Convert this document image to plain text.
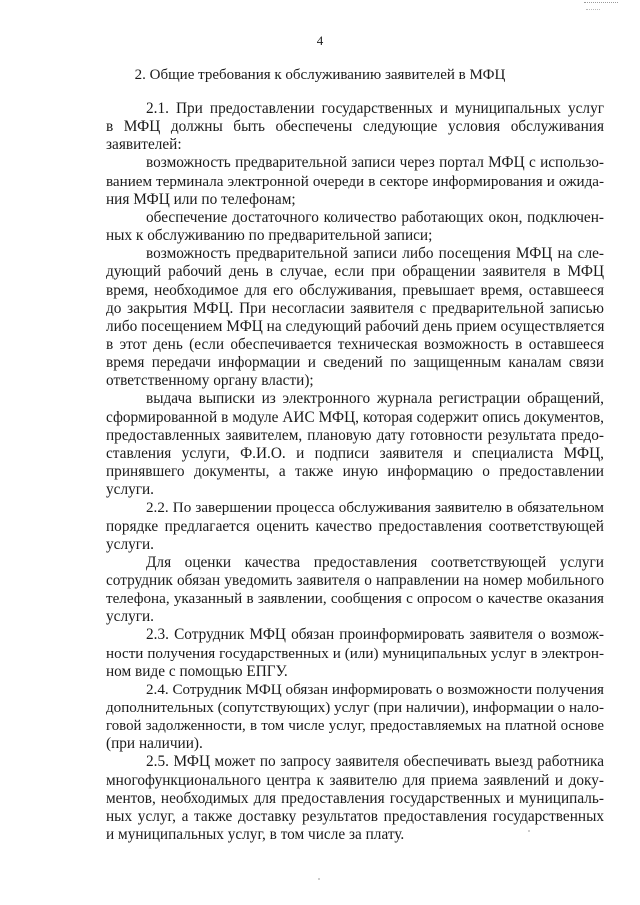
4
2. Общие требования к обслуживанию заявителей в МФЦ
2.1. При предоставлении государственных и муниципальных услуг
в МФЦ должны быть обеспечены следующие условия обслуживания
заявителей:
возможность предварительной записи через портал МФЦ с использо-
ванием терминала электронной очереди в секторе информирования и ожида-
ния МФЦ или по телефонам;
обеспечение достаточного количество работающих окон, подключен-
ных к обслуживанию по предварительной записи;
возможность предварительной записи либо посещения МФЦ на сле-
дующий рабочий день в случае, если при обращении заявителя в МФЦ
время, необходимое для его обслуживания, превышает время, оставшееся
до закрытия МФЦ. При несогласии заявителя с предварительной записью
либо посещением МФЦ на следующий рабочий день прием осуществляется
в этот день (если обеспечивается техническая возможность в оставшееся
время передачи информации и сведений по защищенным каналам связи
ответственному органу власти);
выдача выписки из электронного журнала регистрации обращений,
сформированной в модуле АИС МФЦ, которая содержит опись документов,
предоставленных заявителем, плановую дату готовности результата предо-
ставления услуги, Ф.И.О. и подписи заявителя и специалиста МФЦ,
принявшего документы, а также иную информацию о предоставлении
услуги.
2.2. По завершении процесса обслуживания заявителю в обязательном
порядке предлагается оценить качество предоставления соответствующей
услуги.
Для оценки качества предоставления соответствующей услуги
сотрудник обязан уведомить заявителя о направлении на номер мобильного
телефона, указанный в заявлении, сообщения с опросом о качестве оказания
услуги.
2.3. Сотрудник МФЦ обязан проинформировать заявителя о возмож-
ности получения государственных и (или) муниципальных услуг в электрон-
ном виде с помощью ЕПГУ.
2.4. Сотрудник МФЦ обязан информировать о возможности получения
дополнительных (сопутствующих) услуг (при наличии), информации о нало-
говой задолженности, в том числе услуг, предоставляемых на платной основе
(при наличии).
2.5. МФЦ может по запросу заявителя обеспечивать выезд работника
многофункционального центра к заявителю для приема заявлений и доку-
ментов, необходимых для предоставления государственных и муниципаль-
ных услуг, а также доставку результатов предоставления государственных
и муниципальных услуг, в том числе за плату.
